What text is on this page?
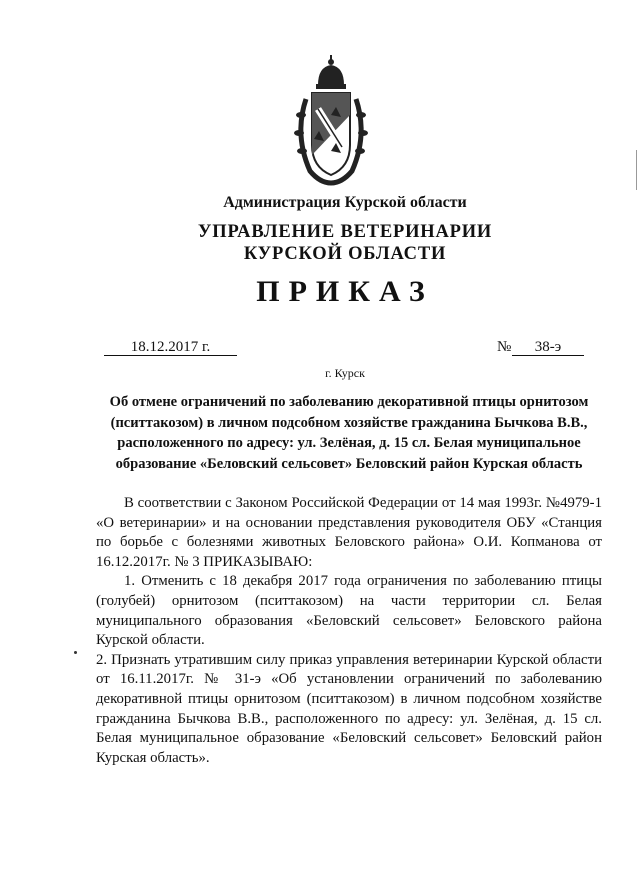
Администрация Курской области
УПРАВЛЕНИЕ ВЕТЕРИНАРИИ
КУРСКОЙ ОБЛАСТИ
ПРИКАЗ
18.12.2017 г.	№	38-э
г. Курск
Об отмене ограничений по заболеванию декоративной птицы орнитозом (пситтакозом) в личном подсобном хозяйстве гражданина Бычкова В.В., расположенного по адресу: ул. Зелёная, д. 15 сл. Белая муниципальное образование «Беловский сельсовет» Беловский район Курская область

В соответствии с Законом Российской Федерации от 14 мая 1993г. №4979-1 «О ветеринарии» и на основании представления руководителя ОБУ «Станция по борьбе с болезнями животных Беловского района» О.И. Копманова от 16.12.2017г. № 3 ПРИКАЗЫВАЮ:

1. Отменить с 18 декабря 2017 года ограничения по заболеванию птицы (голубей) орнитозом (пситтакозом) на части территории сл. Белая муниципального образования «Беловский сельсовет» Беловского района Курской области.

2. Признать утратившим силу приказ управления ветеринарии Курской области от 16.11.2017г. № 31-э «Об установлении ограничений по заболеванию декоративной птицы орнитозом (пситтакозом) в личном подсобном хозяйстве гражданина Бычкова В.В., расположенного по адресу: ул. Зелёная, д. 15 сл. Белая муниципальное образование «Беловский сельсовет» Беловский район Курская область».
